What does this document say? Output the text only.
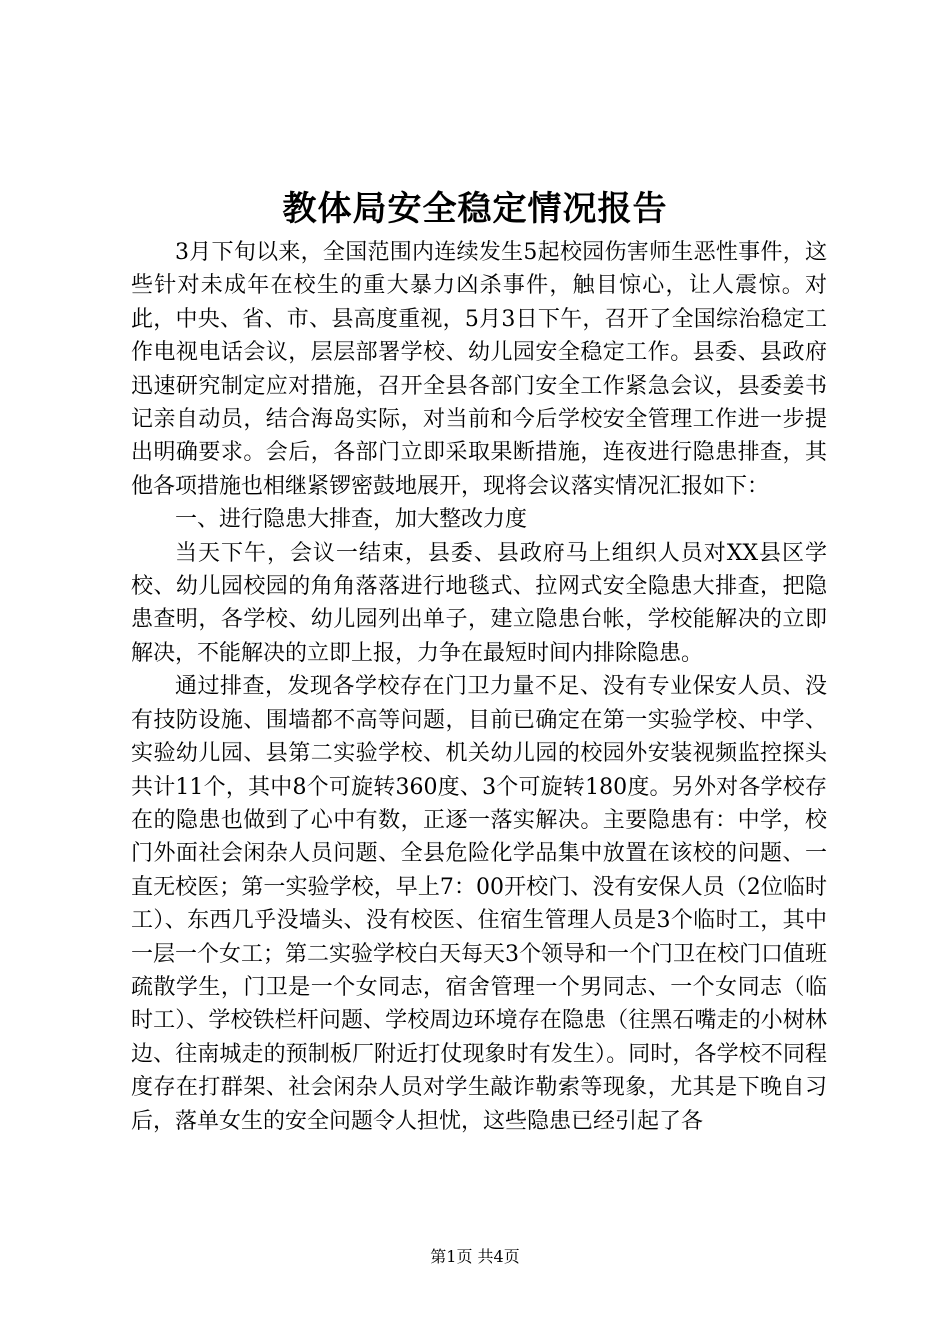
教体局安全稳定情况报告

3月下旬以来，全国范围内连续发生5起校园伤害师生恶性事件，这些针对未成年在校生的重大暴力凶杀事件，触目惊心，让人震惊。对此，中央、省、市、县高度重视，5月3日下午，召开了全国综治稳定工作电视电话会议，层层部署学校、幼儿园安全稳定工作。县委、县政府迅速研究制定应对措施，召开全县各部门安全工作紧急会议，县委姜书记亲自动员，结合海岛实际，对当前和今后学校安全管理工作进一步提出明确要求。会后，各部门立即采取果断措施，连夜进行隐患排查，其他各项措施也相继紧锣密鼓地展开，现将会议落实情况汇报如下：

一、进行隐患大排查，加大整改力度

当天下午，会议一结束，县委、县政府马上组织人员对XX县区学校、幼儿园校园的角角落落进行地毯式、拉网式安全隐患大排查，把隐患查明，各学校、幼儿园列出单子，建立隐患台帐，学校能解决的立即解决，不能解决的立即上报，力争在最短时间内排除隐患。

通过排查，发现各学校存在门卫力量不足、没有专业保安人员、没有技防设施、围墙都不高等问题，目前已确定在第一实验学校、中学、实验幼儿园、县第二实验学校、机关幼儿园的校园外安装视频监控探头共计11个，其中8个可旋转360度、3个可旋转180度。另外对各学校存在的隐患也做到了心中有数，正逐一落实解决。主要隐患有：中学，校门外面社会闲杂人员问题、全县危险化学品集中放置在该校的问题、一直无校医；第一实验学校，早上7：00开校门、没有安保人员（2位临时工）、东西几乎没墙头、没有校医、住宿生管理人员是3个临时工，其中一层一个女工；第二实验学校白天每天3个领导和一个门卫在校门口值班疏散学生，门卫是一个女同志，宿舍管理一个男同志、一个女同志（临时工）、学校铁栏杆问题、学校周边环境存在隐患（往黑石嘴走的小树林边、往南城走的预制板厂附近打仗现象时有发生）。同时，各学校不同程度存在打群架、社会闲杂人员对学生敲诈勒索等现象，尤其是下晚自习后，落单女生的安全问题令人担忧，这些隐患已经引起了各

第1页 共4页
